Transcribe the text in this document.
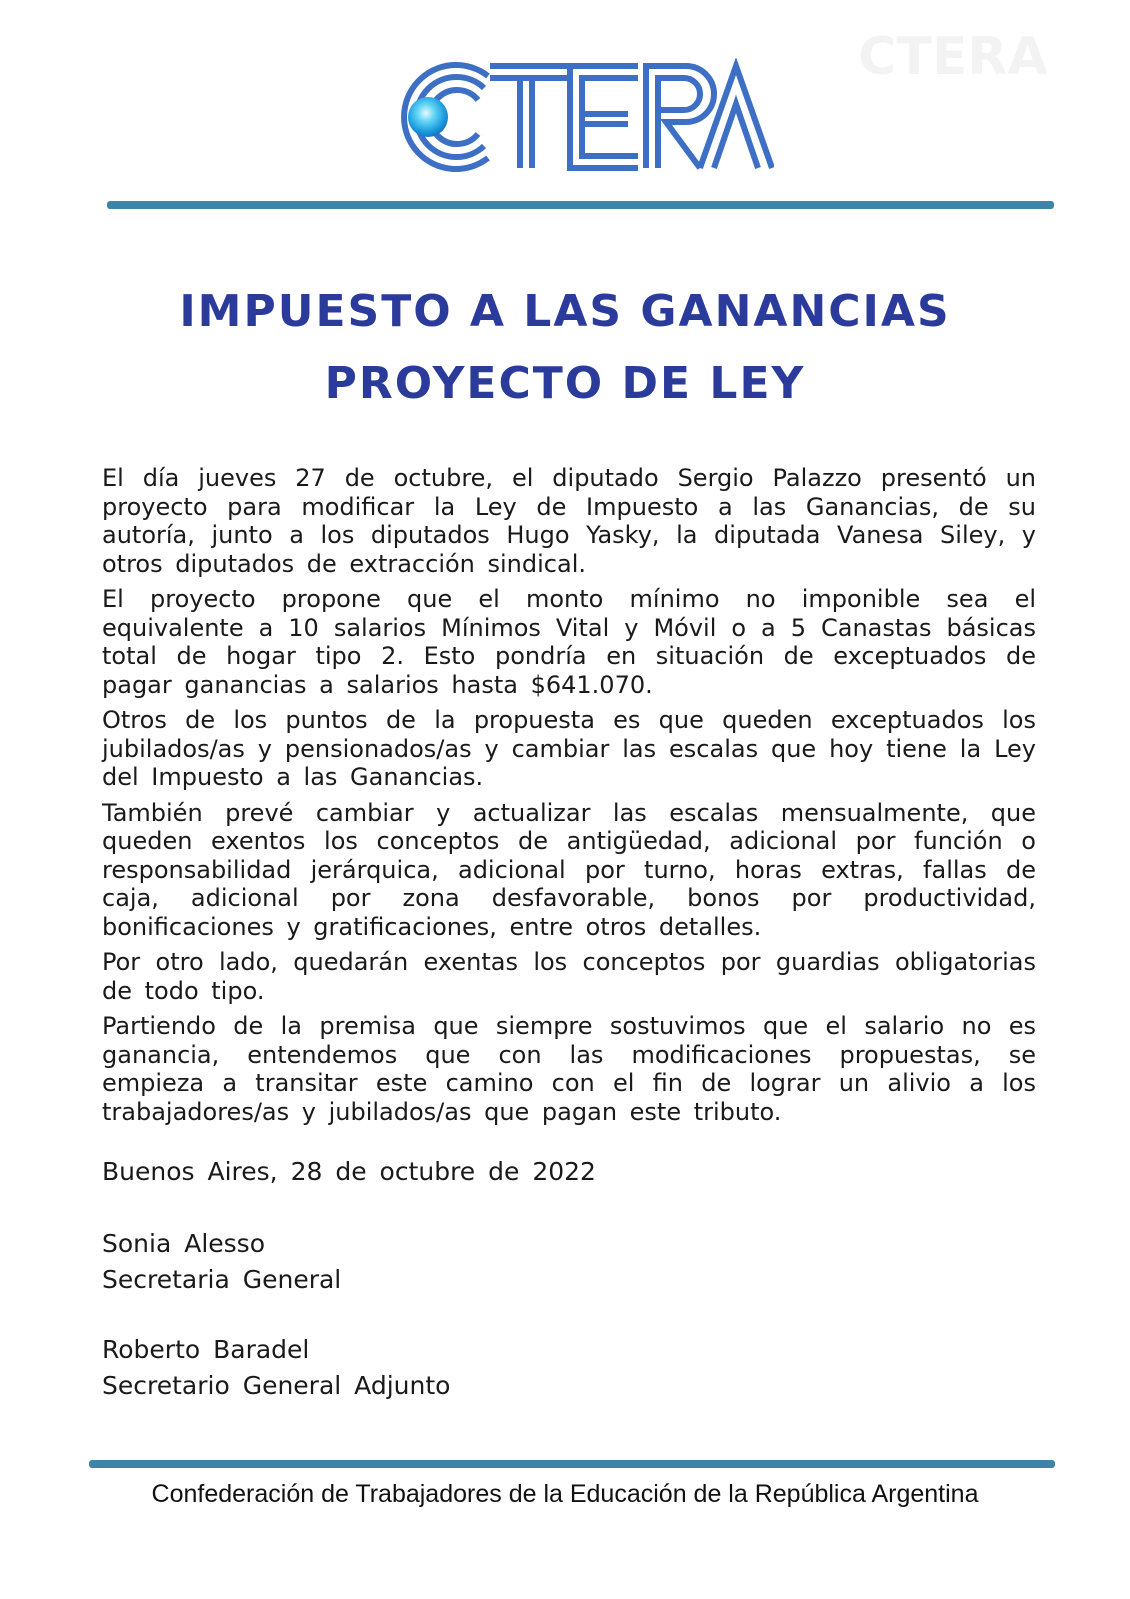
IMPUESTO A LAS GANANCIAS
PROYECTO DE LEY

El día jueves 27 de octubre, el diputado Sergio Palazzo presentó un proyecto para modificar la Ley de Impuesto a las Ganancias, de su autoría, junto a los diputados Hugo Yasky, la diputada Vanesa Siley, y otros diputados de extracción sindical.

El proyecto propone que el monto mínimo no imponible sea el equivalente a 10 salarios Mínimos Vital y Móvil o a 5 Canastas básicas total de hogar tipo 2. Esto pondría en situación de exceptuados de pagar ganancias a salarios hasta $641.070.

Otros de los puntos de la propuesta es que queden exceptuados los jubilados/as y pensionados/as y cambiar las escalas que hoy tiene la Ley del Impuesto a las Ganancias.

También prevé cambiar y actualizar las escalas mensualmente, que queden exentos los conceptos de antigüedad, adicional por función o responsabilidad jerárquica, adicional por turno, horas extras, fallas de caja, adicional por zona desfavorable, bonos por productividad, bonificaciones y gratificaciones, entre otros detalles.

Por otro lado, quedarán exentas los conceptos por guardias obligatorias de todo tipo.

Partiendo de la premisa que siempre sostuvimos que el salario no es ganancia, entendemos que con las modificaciones propuestas, se empieza a transitar este camino con el fin de lograr un alivio a los trabajadores/as y jubilados/as que pagan este tributo.

Buenos Aires, 28 de octubre de 2022
Sonia Alesso
Secretaria General
Roberto Baradel
Secretario General Adjunto
Confederación de Trabajadores de la Educación de la República Argentina
